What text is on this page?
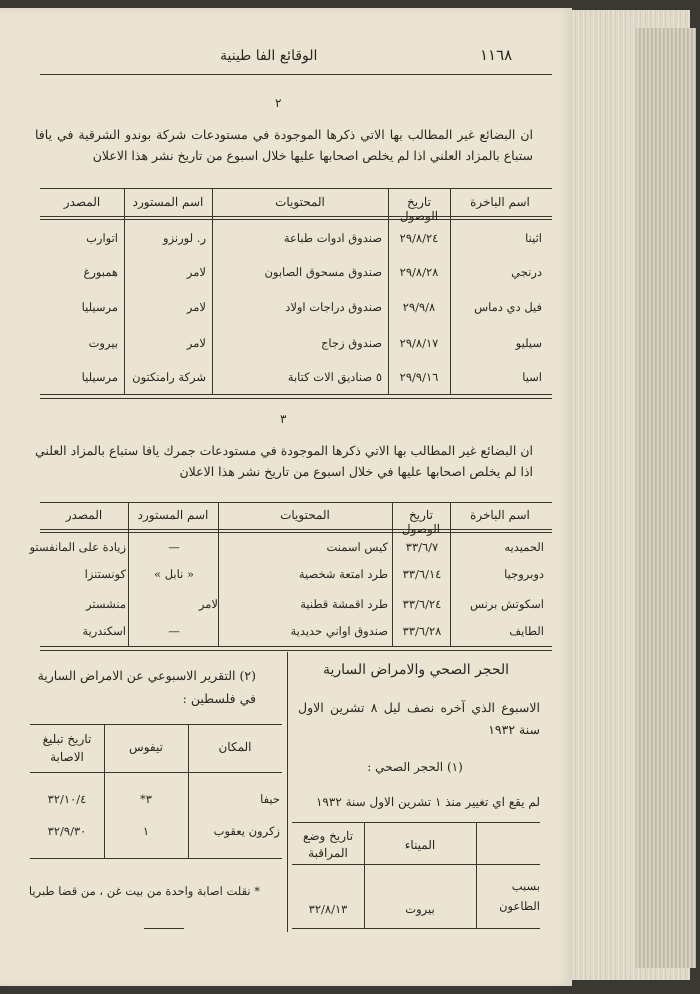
١١٦٨
الوقائع الفا طينية
٢
ان البضائع غير المطالب بها الاتي ذكرها الموجودة في مستودعات شركة بوندو الشرقية في يافا ستباع بالمزاد العلني اذا لم يخلص اصحابها عليها خلال اسبوع من تاريخ نشر هذا الاعلان
اسم الباخرة
تاريخ الوصول
المحتويات
اسم المستورد
المصدر
اثينا
٢٩/٨/٢٤
صندوق ادوات طباعة
ر. لورنزو
اتوارب
درنجي
٢٩/٨/٢٨
صندوق مسحوق الصابون
لامر
همبورغ
فيل دي دماس
٢٩/٩/٨
صندوق دراجات اولاد
لامر
مرسيليا
سيليو
٢٩/٨/١٧
صندوق زجاج
لامر
بيروت
اسيا
٢٩/٩/١٦
٥ صناديق الات كتابة
شركة رامنكتون
مرسيليا
٣
ان البضائع غير المطالب بها الاتي ذكرها الموجودة في مستودعات جمرك يافا ستباع بالمزاد العلني اذا لم يخلص اصحابها عليها في خلال اسبوع من تاريخ نشر هذا الاعلان
اسم الباخرة
تاريخ الوصول
المحتويات
اسم المستورد
المصدر
الحميديه
٣٣/٦/٧
كيس اسمنت
—
زيادة على المانفستو
دوبروجيا
٣٣/٦/١٤
طرد امتعة شخصية
« نابل »
كونستنزا
اسكوتش برنس
٣٣/٦/٢٤
طرد اقمشة قطنية
لامر
منشستر
الطايف
٣٣/٦/٢٨
صندوق اواني حديدية
—
اسكندرية
الحجر الصحي والامراض السارية
الاسبوع الذي آخره نصف ليل ٨ تشرين الاول سنة ١٩٣٢
(١) الحجر الصحي :
لم يقع اي تغيير منذ ١ تشرين الاول سنة ١٩٣٢
الميناء
تاريخ وضع المراقبة
بسبب الطاعون
بيروت
٣٢/٨/١٣
(٢) التقرير الاسبوعي عن الامراض السارية في فلسطين :
المكان
تيفوس
تاريخ تبليغ الاصابة
حيفا
٣*
٣٢/١٠/٤
زكرون يعقوب
١
٣٢/٩/٣٠
* نقلت اصابة واحدة من بيت غن ، من قضا طبريا
